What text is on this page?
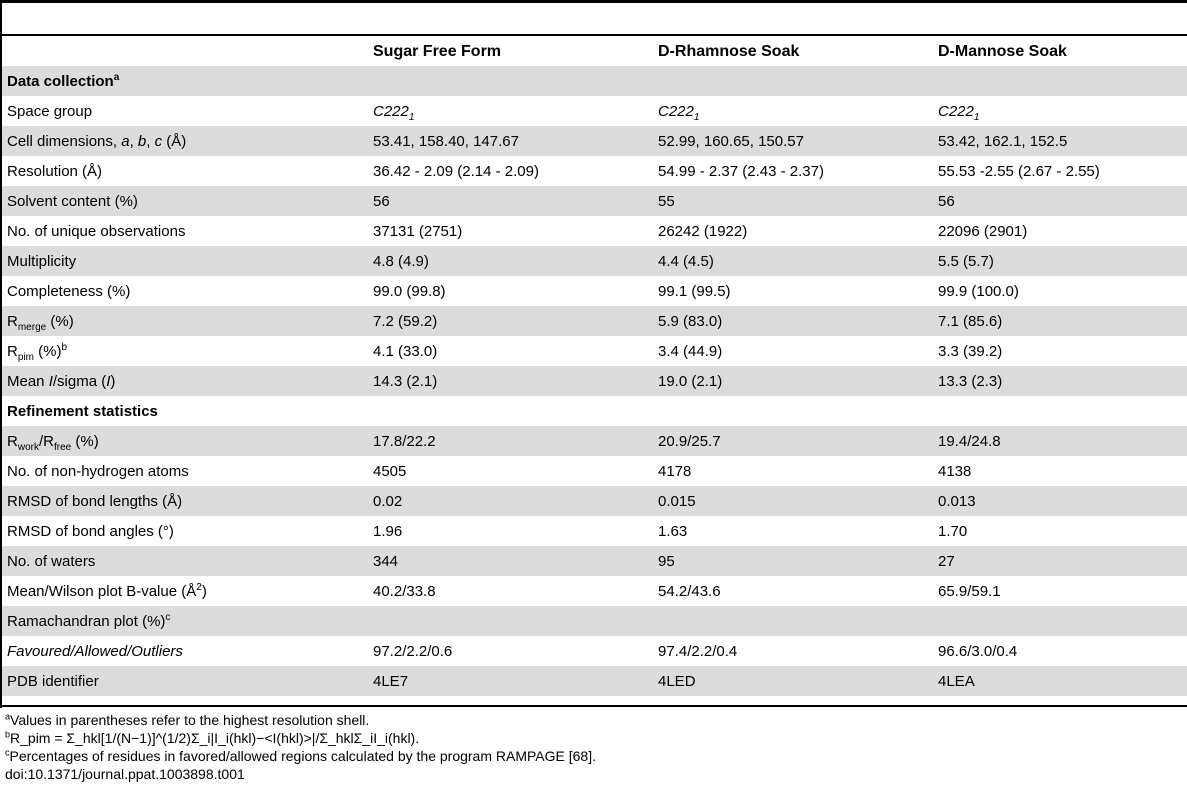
	Sugar Free Form	D-Rhamnose Soak	D-Mannose Soak
Data collection$^a$
Space group	$C222_1$	$C222_1$	$C222_1$
Cell dimensions, a, b, c (Å)	53.41, 158.40, 147.67	52.99, 160.65, 150.57	53.42, 162.1, 152.5
Resolution (Å)	36.42 - 2.09 (2.14 - 2.09)	54.99 - 2.37 (2.43 - 2.37)	55.53 -2.55 (2.67 - 2.55)
Solvent content (%)	56	55	56
No. of unique observations	37131 (2751)	26242 (1922)	22096 (2901)
Multiplicity	4.8 (4.9)	4.4 (4.5)	5.5 (5.7)
Completeness (%)	99.0 (99.8)	99.1 (99.5)	99.9 (100.0)
$R_{merge}$ (%)	7.2 (59.2)	5.9 (83.0)	7.1 (85.6)
$R_{pim}$ (%)$^b$	4.1 (33.0)	3.4 (44.9)	3.3 (39.2)
Mean I/sigma (I)	14.3 (2.1)	19.0 (2.1)	13.3 (2.3)
Refinement statistics			
$R_{work}/R_{free}$ (%)	17.8/22.2	20.9/25.7	19.4/24.8
No. of non-hydrogen atoms	4505	4178	4138
RMSD of bond lengths (Å)	0.02	0.015	0.013
RMSD of bond angles (°)	1.96	1.63	1.70
No. of waters	344	95	27
Mean/Wilson plot B-value $(Å^2)$	40.2/33.8	54.2/43.6	65.9/59.1
Ramachandran plot (%)$^c$
Favoured/Allowed/Outliers	97.2/2.2/0.6	97.4/2.2/0.4	96.6/3.0/0.4
PDB identifier	4LE7	4LED	4LEA
$^a$Values in parentheses refer to the highest resolution shell.
$^b$R_pim = Σ_hkl[1/(N−1)]^(1/2)Σ_i|I_i(hkl)−<I(hkl)>|/Σ_hklΣ_iI_i(hkl).
$^c$Percentages of residues in favored/allowed regions calculated by the program RAMPAGE [68].
doi:10.1371/journal.ppat.1003898.t001
